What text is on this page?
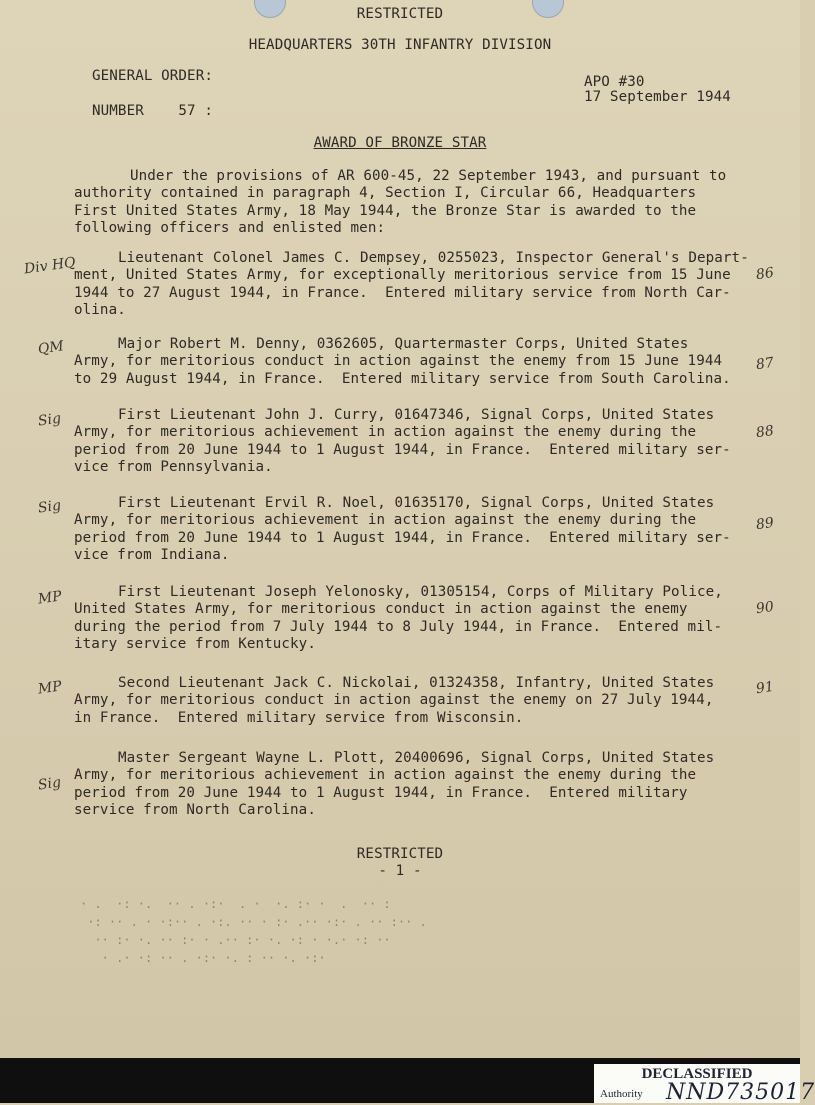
RESTRICTED
HEADQUARTERS 30TH INFANTRY DIVISION
GENERAL ORDER:	APO #30
NUMBER    57 :
17 September 1944
AWARD OF BRONZE STAR
Under the provisions of AR 600-45, 22 September 1943, and pursuant to
authority contained in paragraph 4, Section I, Circular 66, Headquarters
First United States Army, 18 May 1944, the Bronze Star is awarded to the
following officers and enlisted men:
Lieutenant Colonel James C. Dempsey, 0255023, Inspector General's Depart-
ment, United States Army, for exceptionally meritorious service from 15 June
1944 to 27 August 1944, in France.  Entered military service from North Car-
olina.
Div HQ	86
Major Robert M. Denny, 0362605, Quartermaster Corps, United States
Army, for meritorious conduct in action against the enemy from 15 June 1944
to 29 August 1944, in France.  Entered military service from South Carolina.
QM
87
First Lieutenant John J. Curry, 01647346, Signal Corps, United States
Army, for meritorious achievement in action against the enemy during the
period from 20 June 1944 to 1 August 1944, in France.  Entered military ser-
vice from Pennsylvania.
Sig
88
First Lieutenant Ervil R. Noel, 01635170, Signal Corps, United States
Army, for meritorious achievement in action against the enemy during the
period from 20 June 1944 to 1 August 1944, in France.  Entered military ser-
vice from Indiana.
Sig
89
First Lieutenant Joseph Yelonosky, 01305154, Corps of Military Police,
United States Army, for meritorious conduct in action against the enemy
during the period from 7 July 1944 to 8 July 1944, in France.  Entered mil-
itary service from Kentucky.
MP
90
Second Lieutenant Jack C. Nickolai, 01324358, Infantry, United States
Army, for meritorious conduct in action against the enemy on 27 July 1944,
in France.  Entered military service from Wisconsin.
MP	91
Master Sergeant Wayne L. Plott, 20400696, Signal Corps, United States
Army, for meritorious achievement in action against the enemy during the
period from 20 June 1944 to 1 August 1944, in France.  Entered military
service from North Carolina.
Sig
RESTRICTED
- 1 -
· .  ·: ·.  ·· . ·:·  . ·  ·. :· ·  .  ·· :
·: ·· . · ·:·· . ·:. ·· · :· .·· ·:· . ·· :·· .
·· :· ·. ·· :· · .·· :· ·. ·: · ·.· ·: ··
· .· ·: ·· . ·:· ·. : ·· ·. ·:·
DECLASSIFIED
Authority NND735017
